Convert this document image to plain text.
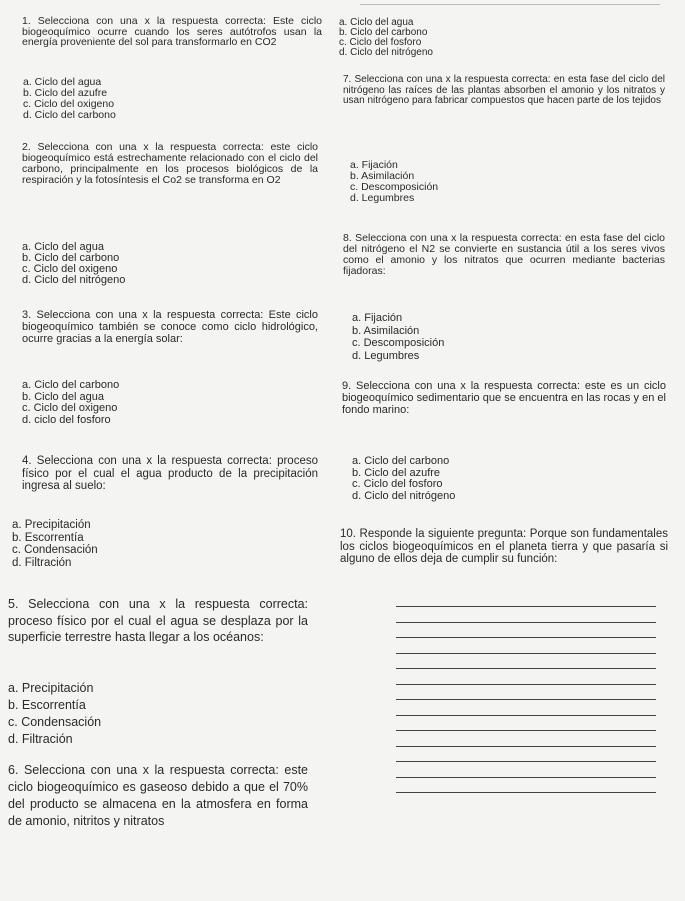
1. Selecciona con una x la respuesta correcta: Este ciclo biogeoquímico ocurre cuando los seres autótrofos usan la energía proveniente del sol para transformarlo en CO2
a. Ciclo del agua
b. Ciclo del azufre
c. Ciclo del oxigeno
d. Ciclo del carbono
a. Ciclo del agua
b. Ciclo del carbono
c. Ciclo del fosforo
d. Ciclo del nitrógeno
7. Selecciona con una x la respuesta correcta: en esta fase del ciclo del nitrógeno las raíces de las plantas absorben el amonio y los nitratos y usan nitrógeno para fabricar compuestos que hacen parte de los tejidos
2. Selecciona con una x la respuesta correcta: este ciclo biogeoquímico está estrechamente relacionado con el ciclo del carbono, principalmente en los procesos biológicos de la respiración y la fotosíntesis el Co2 se transforma en O2
a. Fijación
b. Asimilación
c. Descomposición
d. Legumbres
8. Selecciona con una x la respuesta correcta: en esta fase del ciclo del nitrógeno el N2 se convierte en sustancia útil a los seres vivos como el amonio y los nitratos que ocurren mediante bacterias fijadoras:
a. Ciclo del agua
b. Ciclo del carbono
c. Ciclo del oxigeno
d. Ciclo del nitrógeno
3. Selecciona con una x la respuesta correcta: Este ciclo biogeoquímico también se conoce como ciclo hidrológico, ocurre gracias a la energía solar:
a. Fijación
b. Asimilación
c. Descomposición
d. Legumbres
a. Ciclo del carbono
b. Ciclo del agua
c. Ciclo del oxigeno
d. ciclo del fosforo
9. Selecciona con una x la respuesta correcta: este es un ciclo biogeoquímico sedimentario que se encuentra en las rocas y en el fondo marino:
4. Selecciona con una x la respuesta correcta: proceso físico por el cual el agua producto de la precipitación ingresa al suelo:
a. Ciclo del carbono
b. Ciclo del azufre
c. Ciclo del fosforo
d. Ciclo del nitrógeno
a. Precipitación
b. Escorrentía
c. Condensación
d. Filtración
10. Responde la siguiente pregunta: Porque son fundamentales los ciclos biogeoquímicos en el planeta tierra y que pasaría si alguno de ellos deja de cumplir su función:
5. Selecciona con una x la respuesta correcta: proceso físico por el cual el agua se desplaza por la superficie terrestre hasta llegar a los océanos:
a. Precipitación
b. Escorrentía
c. Condensación
d. Filtración
6. Selecciona con una x la respuesta correcta: este ciclo biogeoquímico es gaseoso debido a que el 70% del producto se almacena en la atmosfera en forma de amonio, nitritos y nitratos
